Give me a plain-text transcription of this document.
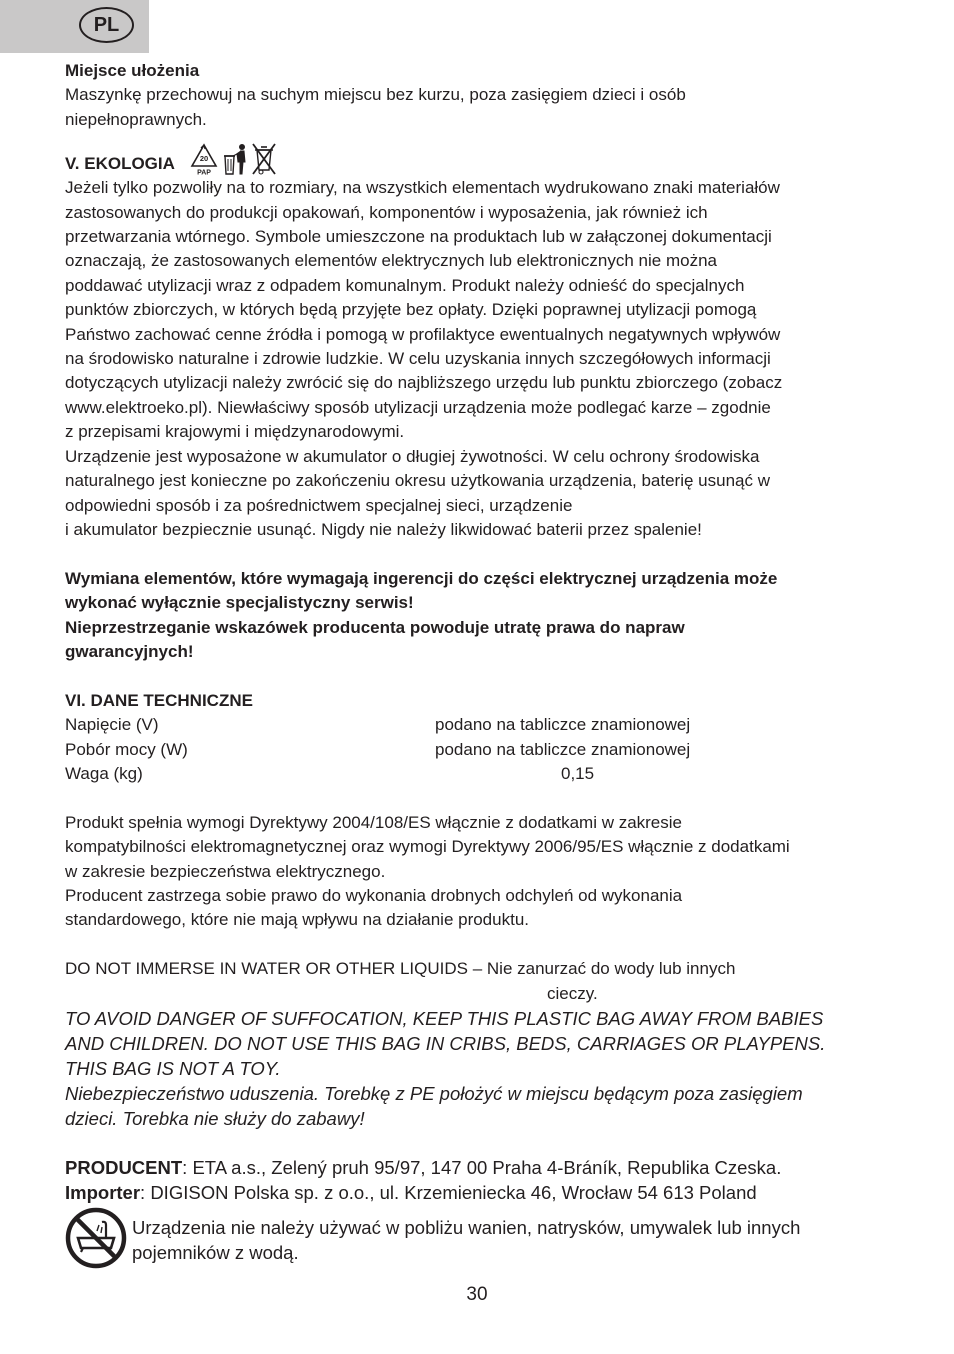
PL

Miejsce ułożenia

Maszynkę przechowuj na suchym miejscu bez kurzu, poza zasięgiem dzieci i osób

niepełnoprawnych.

V. EKOLOGIA	20
PAP

Jeżeli tylko pozwoliły na to rozmiary, na wszystkich elementach wydrukowano znaki materiałów

zastosowanych do produkcji opakowań, komponentów i wyposażenia, jak również ich

przetwarzania wtórnego. Symbole umieszczone na produktach lub w załączonej dokumentacji

oznaczają, że zastosowanych elementów elektrycznych lub elektronicznych nie można

poddawać utylizacji wraz z odpadem komunalnym. Produkt należy odnieść do specjalnych

punktów zbiorczych, w których będą przyjęte bez opłaty. Dzięki poprawnej utylizacji pomogą

Państwo zachować cenne źródła i pomogą w profilaktyce ewentualnych negatywnych wpływów

na środowisko naturalne i zdrowie ludzkie. W celu uzyskania innych szczegółowych informacji

dotyczących utylizacji należy zwrócić się do najbliższego urzędu lub punktu zbiorczego (zobacz

www.elektroeko.pl). Niewłaściwy sposób utylizacji urządzenia może podlegać karze – zgodnie

z przepisami krajowymi i międzynarodowymi.

Urządzenie jest wyposażone w akumulator o długiej żywotności. W celu ochrony środowiska

naturalnego jest konieczne po zakończeniu okresu użytkowania urządzenia, baterię usunąć w

odpowiedni sposób i za pośrednictwem specjalnej sieci, urządzenie

i akumulator bezpiecznie usunąć. Nigdy nie należy likwidować baterii przez spalenie!

Wymiana elementów, które wymagają ingerencji do części elektrycznej urządzenia może

wykonać wyłącznie specjalistyczny serwis!

Nieprzestrzeganie wskazówek producenta powoduje utratę prawa do napraw

gwarancyjnych!

VI. DANE TECHNICZNE

Napięcie (V)	podano na tabliczce znamionowej
Pobór mocy (W)	podano na tabliczce znamionowej
Waga (kg)	0,15

Produkt spełnia wymogi Dyrektywy 2004/108/ES włącznie z dodatkami w zakresie

kompatybilności elektromagnetycznej oraz wymogi Dyrektywy 2006/95/ES włącznie z dodatkami

w zakresie bezpieczeństwa elektrycznego.

Producent zastrzega sobie prawo do wykonania drobnych odchyleń od wykonania

standardowego, które nie mają wpływu na działanie produktu.

DO NOT IMMERSE IN WATER OR OTHER LIQUIDS – Nie zanurzać do wody lub innych

cieczy.

TO AVOID DANGER OF SUFFOCATION, KEEP THIS PLASTIC BAG AWAY FROM BABIES

AND CHILDREN. DO NOT USE THIS BAG IN CRIBS, BEDS, CARRIAGES OR PLAYPENS.

THIS BAG IS NOT A TOY.

Niebezpieczeństwo uduszenia. Torebkę z PE położyć w miejscu będącym poza zasięgiem

dzieci. Torebka nie służy do zabawy!

PRODUCENT: ETA a.s., Zelený pruh 95/97, 147 00 Praha 4-Bráník, Republika Czeska.

Importer: DIGISON Polska sp. z o.o., ul. Krzemieniecka 46, Wrocław 54 613 Poland

Urządzenia nie należy używać w pobliżu wanien, natrysków, umywalek lub innych
pojemników z wodą.
30
